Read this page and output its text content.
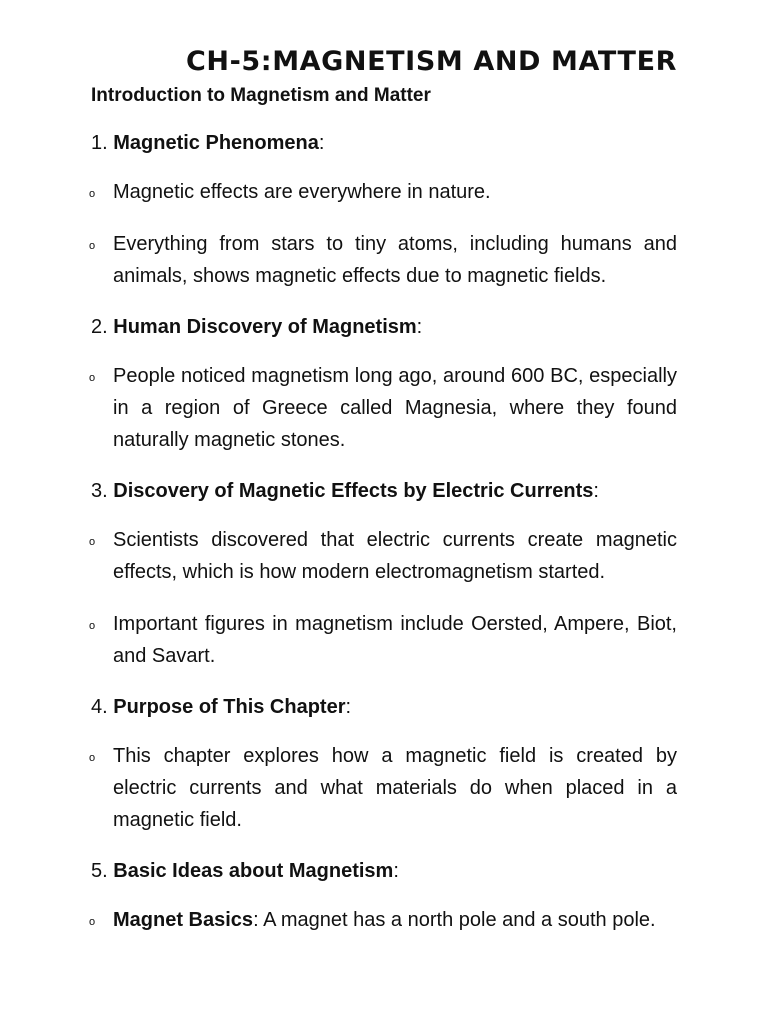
CH-5:MAGNETISM AND MATTER
Introduction to Magnetism and Matter

1. Magnetic Phenomena:

o Magnetic effects are everywhere in nature.
o Everything from stars to tiny atoms, including humans and animals, shows magnetic effects due to magnetic fields.

2. Human Discovery of Magnetism:

o People noticed magnetism long ago, around 600 BC, especially in a region of Greece called Magnesia, where they found naturally magnetic stones.

3. Discovery of Magnetic Effects by Electric Currents:

o Scientists discovered that electric currents create magnetic effects, which is how modern electromagnetism started.
o Important figures in magnetism include Oersted, Ampere, Biot, and Savart.

4. Purpose of This Chapter:

o This chapter explores how a magnetic field is created by electric currents and what materials do when placed in a magnetic field.

5. Basic Ideas about Magnetism:

o Magnet Basics: A magnet has a north pole and a south pole.
